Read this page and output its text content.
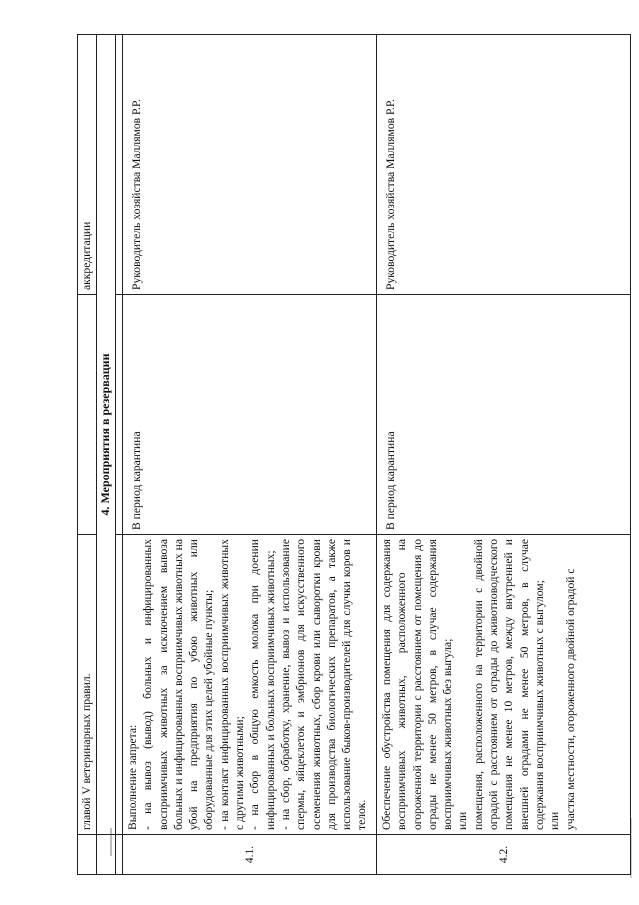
	главой V ветеринарных правил.		аккредитации
	4. Мероприятия в резервации		

4.1.	Выполнение запрета: - на вывоз (вывод) больных и инфицированных восприимчивых животных за исключением вывоза больных и инфицированных восприимчивых животных на убой на предприятия по убою животных или оборудованные для этих целей убойные пункты; - на контакт инфицированных восприимчивых животных с другими животными; - на сбор в общую емкость молока при доении инфицированных и больных восприимчивых животных; - на сбор, обработку, хранение, вывоз и использование спермы, яйцеклеток и эмбрионов для искусственного осеменения животных, сбор крови или сыворотки крови для производства биологических препаратов, а также использование быков-производителей для случки коров и телок.	В период карантина	Руководитель хозяйства Маллямов Р.Р.
4.2.	Обеспечение обустройства помещения для содержания восприимчивых животных, расположенного на огороженной территории с расстоянием от помещения до ограды не менее 50 метров, в случае содержания восприимчивых животных без выгула; или помещения, расположенного на территории с двойной оградой с расстоянием от ограды до животноводческого помещения не менее 10 метров, между внутренней и внешней оградами не менее 50 метров, в случае содержания восприимчивых животных с выгулом; или участка местности, огороженного двойной оградой с	В период карантина	Руководитель хозяйства Маллямов Р.Р.
